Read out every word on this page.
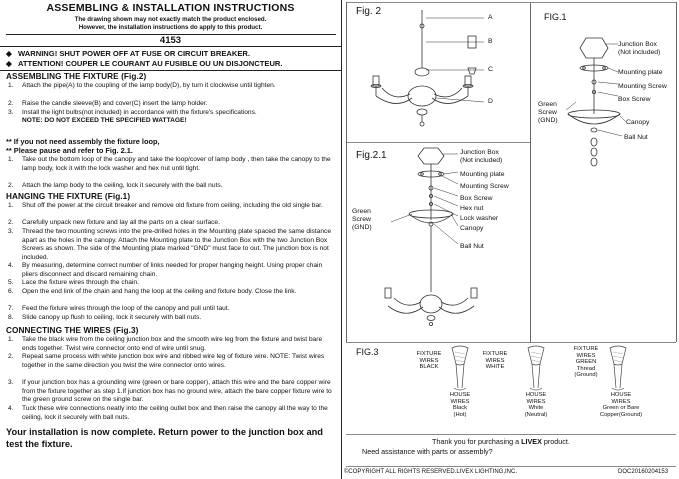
ASSEMBLING & INSTALLATION INSTRUCTIONS
The drawing shown may not exactly match the product enclosed.
However, the installation instructions do apply to this product.
4153
◆ WARNING! SHUT POWER OFF AT FUSE OR CIRCUIT BREAKER.
◆ ATTENTION! COUPER LE COURANT AU FUSIBLE OU UN DISJONCTEUR.
ASSEMBLING THE FIXTURE (Fig.2)
1. Attach the pipe(A) to the coupling of the lamp body(D), by turn it clockwise until tighten.
2. Raise the candle sleeve(B) and cover(C) insert the lamp holder.
3. Install the light bulbs(not included) in accordance with the fixture's specifications.
NOTE: DO NOT EXCEED THE SPECIFIED WATTAGE!
** If you not need assembly the fixture loop,
** Please pause and refer to Fig. 2.1.
1. Take out the bottom loop of the canopy and take the loop/cover of lamp body , then take the canopy to the lamp body, lock it with the lock washer and hex nut until tight.
2. Attach the lamp body to the ceiling, lock it securely with the ball nuts.
HANGING THE FIXTURE (Fig.1)
1. Shut off the power at the circuit breaker and remove old fixture from ceiling, including the old single bar.
2. Carefully unpack new fixture and lay all the parts on a clear surface.
3. Thread the two mounting screws into the pre-drilled holes in the Mounting plate spaced the same distance apart as the holes in the canopy. Attach the Mounting plate to the Junction Box with the two Junction Box Screws as shown. The side of the Mounting plate marked "GND" must face to out. The junction box is not included.
4. By measuring, determine correct number of links needed for proper hanging height. Using proper chain pliers disconnect and discard remaining chain.
5. Lace the fixture wires through the chain.
6. Open the end link of the chain and hang the loop at the ceiling and fixture body. Close the link.
7. Feed the fixture wires through the loop of the canopy and pull until taut.
8. Slide canopy up flush to ceiling, lock it securely with ball nuts.
CONNECTING THE WIRES (Fig.3)
1. Take the black wire from the ceiling junction box and the smooth wire leg from the fixture and twist bare ends together. Twist wire connector onto end of wire until snug.
2. Repeat same process with white junction box wire and ribbed wire leg of fixture wire. NOTE: Twist wires together in the same direction you twist the wire connector onto wires.
3. If your junction box has a grounding wire (green or bare copper), attach this wire and the bare copper wire from the fixture together as step 1.If junction box has no ground wire, attach the bare copper fixture wire to the green ground screw on the single bar.
4. Tuck these wire connections neatly into the ceiling outlet box and then raise the canopy all the way to the ceiling, lock it securely with ball nuts.
Your installation is now complete. Return power to the junction box and test the fixture.
Fig. 2
A
B
C
D
Fig.2.1	Junction Box
(Not included)
Mounting plate
Mounting Screw
Box Screw
Hex nut
Lock washer
Canopy
Ball Nut
Green
Screw
(GND)
FIG.1
Junction Box
(Not included)
Mounting plate
Mounting Screw
Box Screw
Green
Screw
(GND)	Canopy
Ball Nut
FIG.3	FIXTURE
WIRES
BLACK
FIXTURE
WIRES
WHITE
FIXTURE
WIRES
GREEN
Thread
(Ground)
HOUSE
WIRES
Black
(Hot)
HOUSE
WIRES
White
(Neutral)
HOUSE
WIRES
Green or Bare
Copper(Ground)
Thank you for purchasing a LIVEX product.
Need assistance with parts or assembly?
©COPYRIGHT ALL RIGHTS RESERVED.LIVEX LIGHTING,INC.	DOC20160204153
